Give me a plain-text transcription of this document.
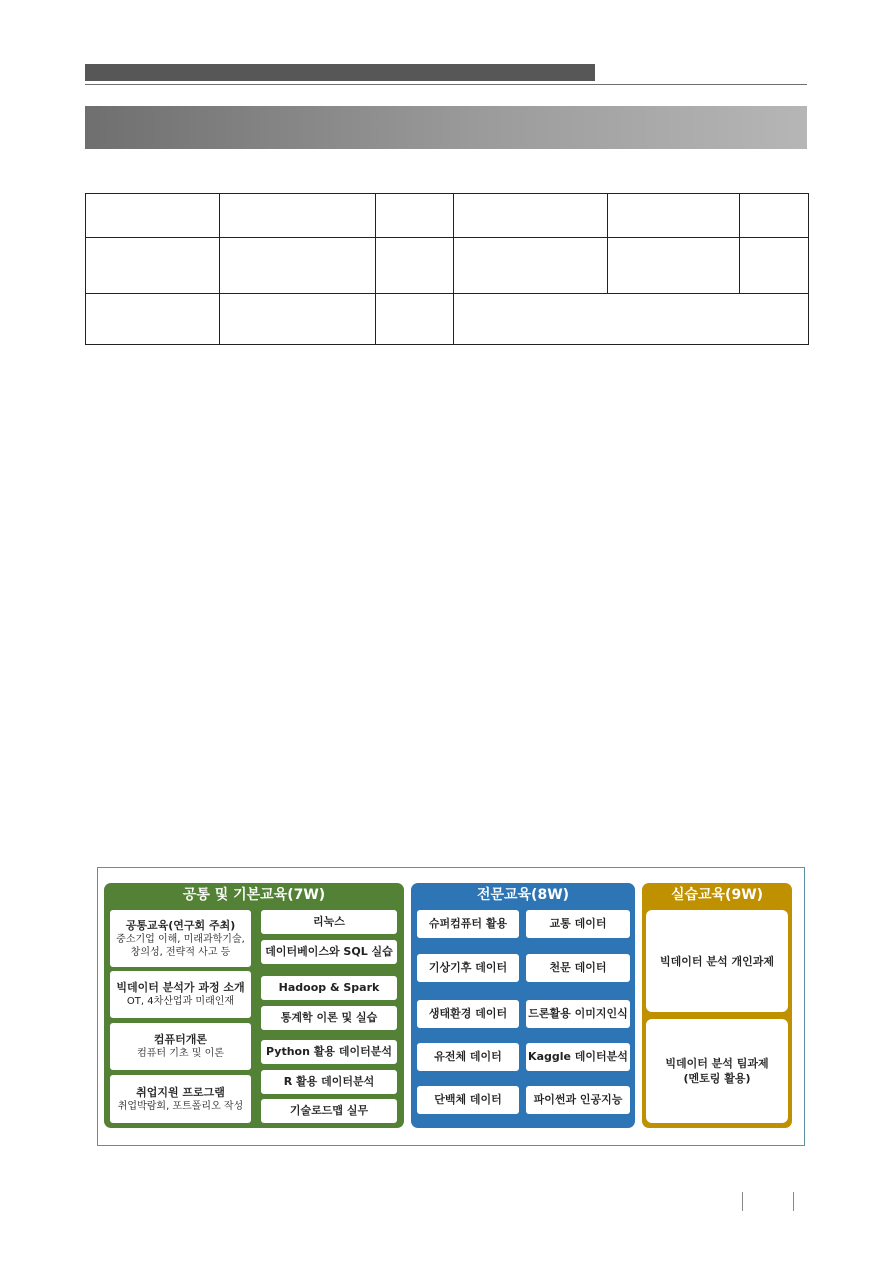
공통 및 기본교육(7W)
공통교육(연구회 주최)
중소기업 이해, 미래과학기술,
창의성, 전략적 사고 등
빅데이터 분석가 과정 소개
OT, 4차산업과 미래인재
컴퓨터개론
컴퓨터 기초 및 이론
취업지원 프로그램
취업박람회, 포트폴리오 작성
리눅스
데이터베이스와 SQL 실습
Hadoop & Spark
통계학 이론 및 실습
Python 활용 데이터분석
R 활용 데이터분석
기술로드맵 실무
전문교육(8W)
슈퍼컴퓨터 활용	교통 데이터
기상기후 데이터	천문 데이터
생태환경 데이터 드론활용 이미지인식
유전체 데이터 Kaggle 데이터분석
단백체 데이터	파이썬과 인공지능
실습교육(9W)
빅데이터 분석 개인과제
빅데이터 분석 팀과제
(멘토링 활용)
